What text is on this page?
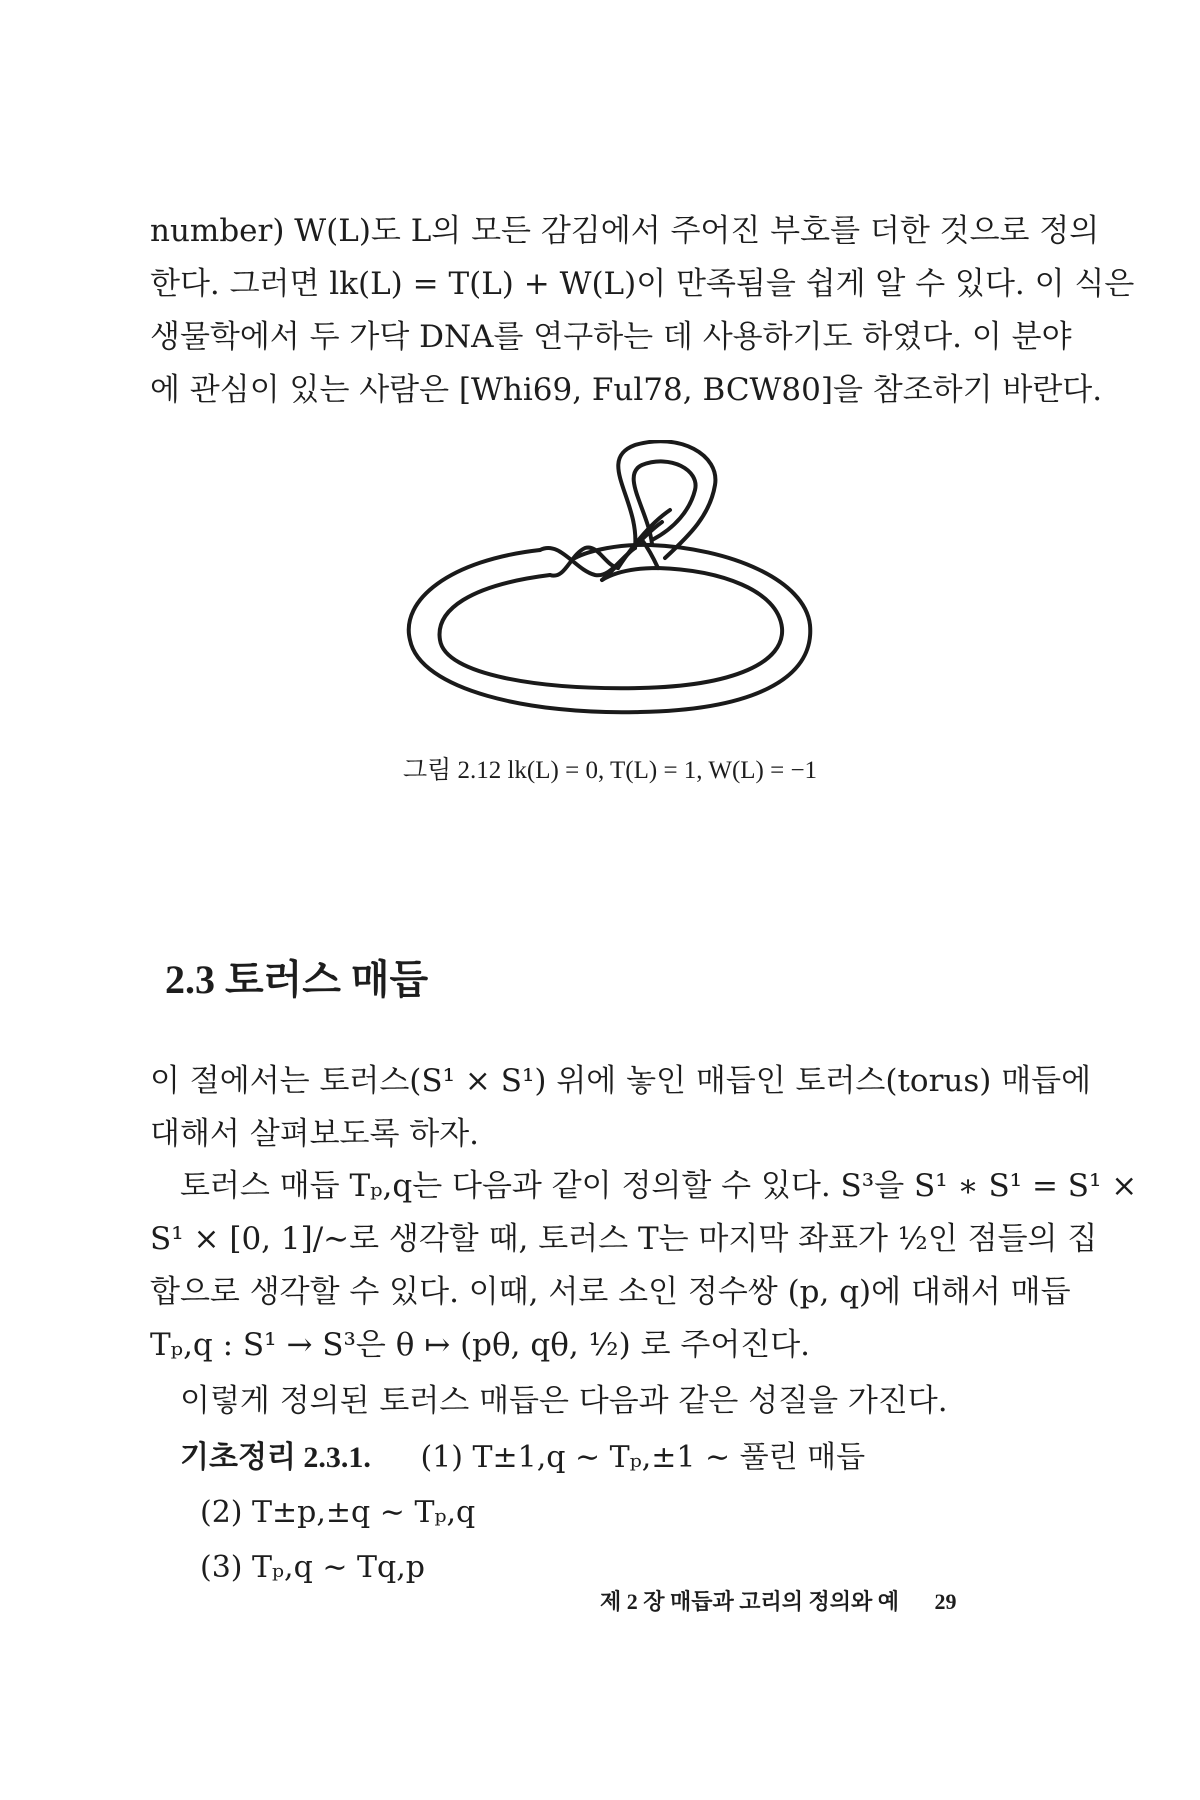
number) W(L)도 L의 모든 감김에서 주어진 부호를 더한 것으로 정의
한다. 그러면 lk(L) = T(L) + W(L)이 만족됨을 쉽게 알 수 있다. 이 식은
생물학에서 두 가닥 DNA를 연구하는 데 사용하기도 하였다. 이 분야
에 관심이 있는 사람은 [Whi69, Ful78, BCW80]을 참조하기 바란다.

그림 2.12 lk(L) = 0, T(L) = 1, W(L) = −1
2.3 토러스 매듭

이 절에서는 토러스(S¹ × S¹) 위에 놓인 매듭인 토러스(torus) 매듭에
대해서 살펴보도록 하자.

토러스 매듭 Tₚ,q는 다음과 같이 정의할 수 있다. S³을 S¹ ∗ S¹ = S¹ ×
S¹ × [0, 1]/∼로 생각할 때, 토러스 T는 마지막 좌표가 ½인 점들의 집
합으로 생각할 수 있다. 이때, 서로 소인 정수쌍 (p, q)에 대해서 매듭
Tₚ,q : S¹ → S³은 θ ↦ (pθ, qθ, ½) 로 주어진다.

이렇게 정의된 토러스 매듭은 다음과 같은 성질을 가진다.

기초정리 2.3.1. (1) T±1,q ∼ Tₚ,±1 ∼ 풀린 매듭
(2) T±p,±q ∼ Tₚ,q
(3) Tₚ,q ∼ Tq,p
제 2 장 매듭과 고리의 정의와 예 29
